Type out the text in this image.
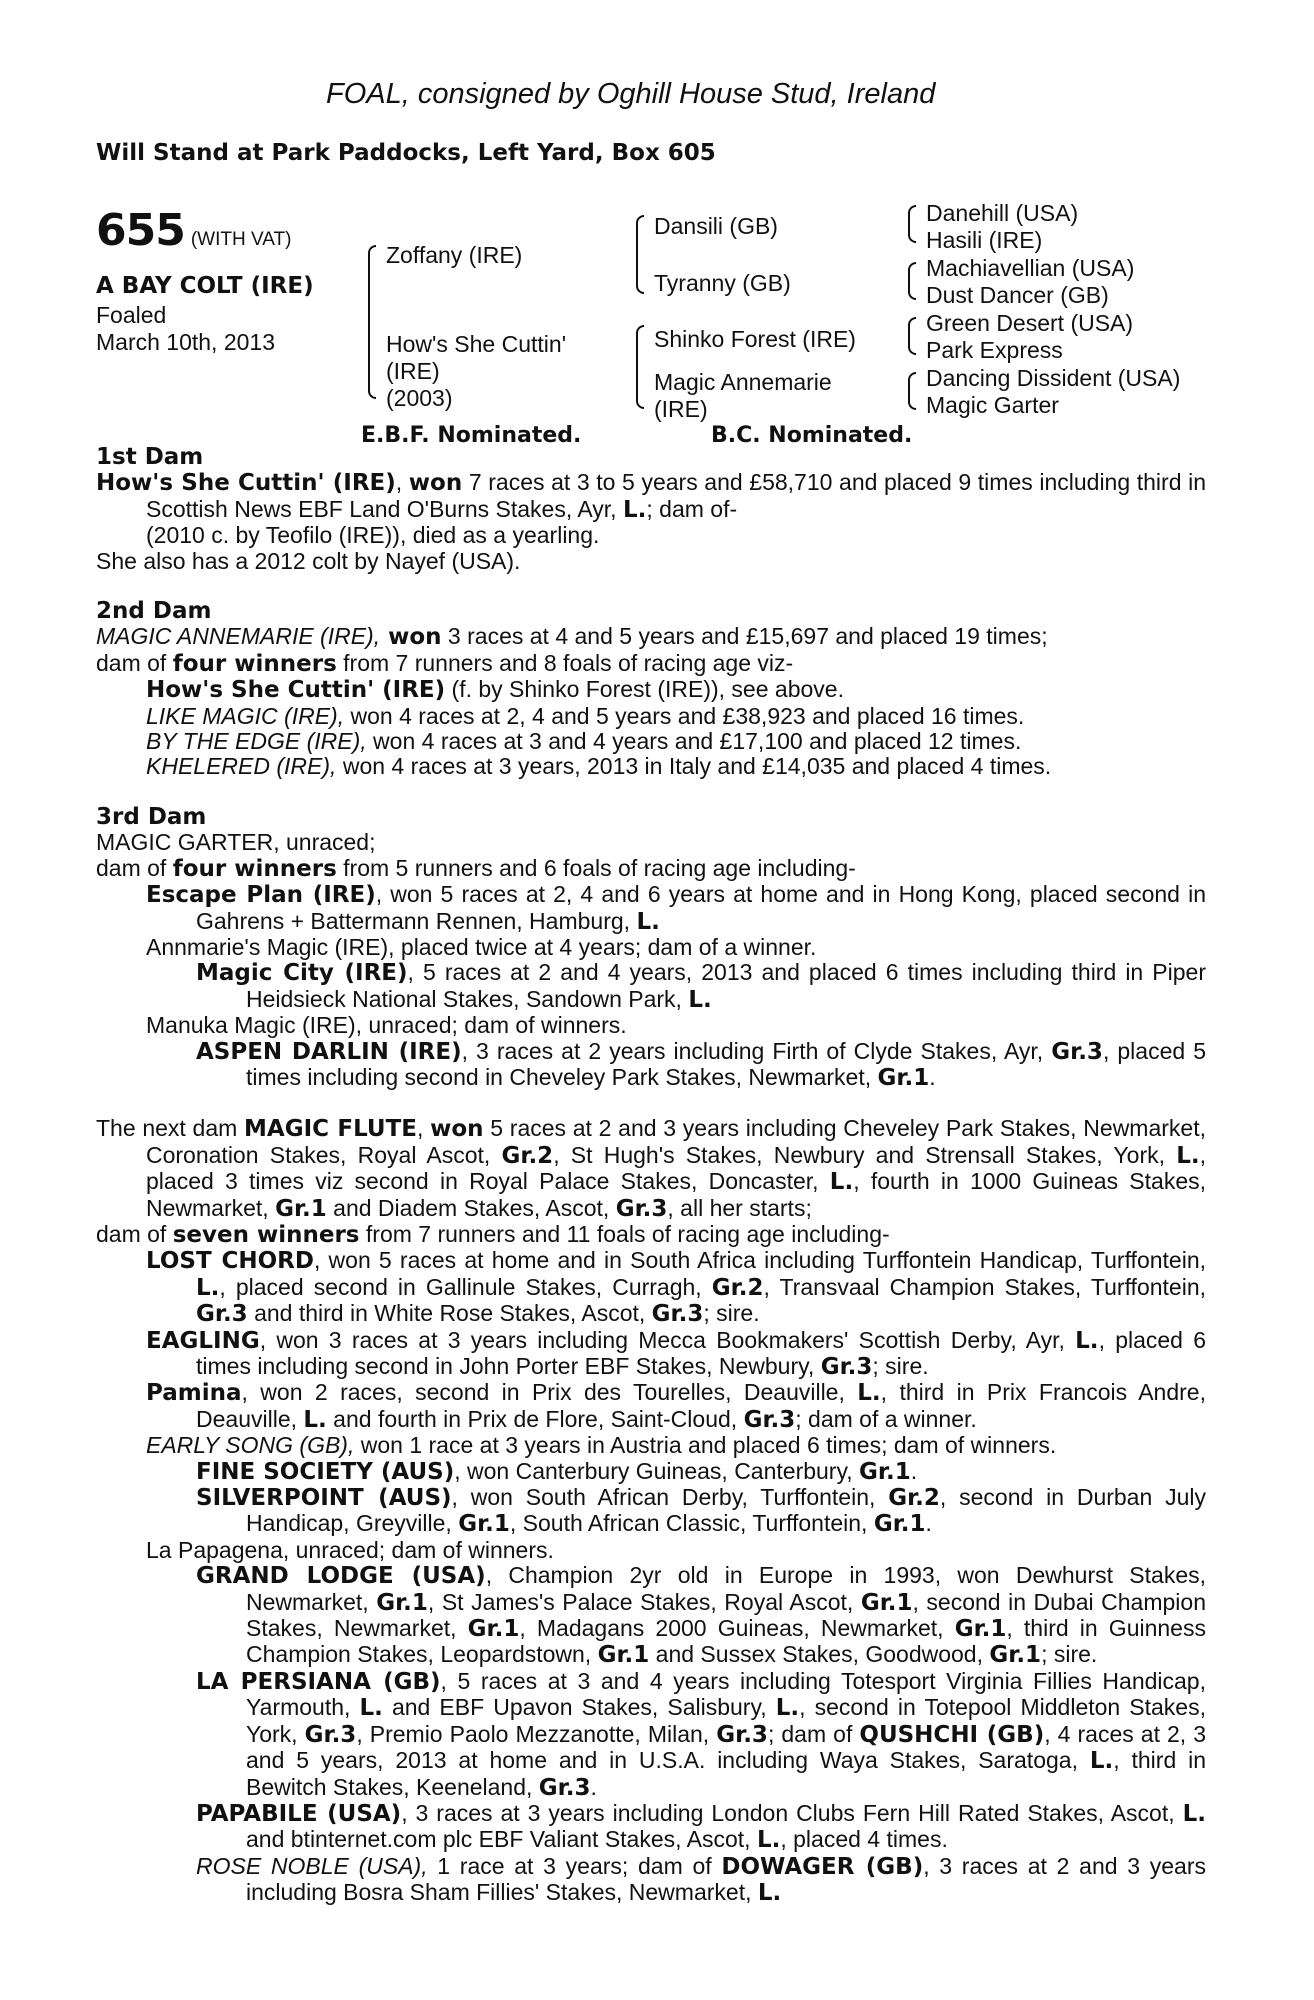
FOAL, consigned by Oghill House Stud, Ireland
Will Stand at Park Paddocks, Left Yard, Box 605
655 (WITH VAT)
A BAY COLT (IRE)
Foaled
March 10th, 2013
Zoffany (IRE)
How's She Cuttin'
(IRE)
(2003)
Dansili (GB)
Tyranny (GB)
Shinko Forest (IRE)
Magic Annemarie
(IRE)
Danehill (USA)
Hasili (IRE)
Machiavellian (USA)
Dust Dancer (GB)
Green Desert (USA)
Park Express
Dancing Dissident (USA)
Magic Garter
E.B.F. Nominated.	B.C. Nominated.

1st Dam

How's She Cuttin' (IRE), won 7 races at 3 to 5 years and £58,710 and placed 9 times including third in Scottish News EBF Land O'Burns Stakes, Ayr, L.; dam of-

(2010 c. by Teofilo (IRE)), died as a yearling.

She also has a 2012 colt by Nayef (USA).

2nd Dam

MAGIC ANNEMARIE (IRE), won 3 races at 4 and 5 years and £15,697 and placed 19 times;

dam of four winners from 7 runners and 8 foals of racing age viz-

How's She Cuttin' (IRE) (f. by Shinko Forest (IRE)), see above.

LIKE MAGIC (IRE), won 4 races at 2, 4 and 5 years and £38,923 and placed 16 times.

BY THE EDGE (IRE), won 4 races at 3 and 4 years and £17,100 and placed 12 times.

KHELERED (IRE), won 4 races at 3 years, 2013 in Italy and £14,035 and placed 4 times.

3rd Dam

MAGIC GARTER, unraced;

dam of four winners from 5 runners and 6 foals of racing age including-

Escape Plan (IRE), won 5 races at 2, 4 and 6 years at home and in Hong Kong, placed second in Gahrens + Battermann Rennen, Hamburg, L.

Annmarie's Magic (IRE), placed twice at 4 years; dam of a winner.

Magic City (IRE), 5 races at 2 and 4 years, 2013 and placed 6 times including third in Piper Heidsieck National Stakes, Sandown Park, L.

Manuka Magic (IRE), unraced; dam of winners.

ASPEN DARLIN (IRE), 3 races at 2 years including Firth of Clyde Stakes, Ayr, Gr.3, placed 5 times including second in Cheveley Park Stakes, Newmarket, Gr.1.

The next dam MAGIC FLUTE, won 5 races at 2 and 3 years including Cheveley Park Stakes, Newmarket, Coronation Stakes, Royal Ascot, Gr.2, St Hugh's Stakes, Newbury and Strensall Stakes, York, L., placed 3 times viz second in Royal Palace Stakes, Doncaster, L., fourth in 1000 Guineas Stakes, Newmarket, Gr.1 and Diadem Stakes, Ascot, Gr.3, all her starts;

dam of seven winners from 7 runners and 11 foals of racing age including-

LOST CHORD, won 5 races at home and in South Africa including Turffontein Handicap, Turffontein, L., placed second in Gallinule Stakes, Curragh, Gr.2, Transvaal Champion Stakes, Turffontein, Gr.3 and third in White Rose Stakes, Ascot, Gr.3; sire.

EAGLING, won 3 races at 3 years including Mecca Bookmakers' Scottish Derby, Ayr, L., placed 6 times including second in John Porter EBF Stakes, Newbury, Gr.3; sire.

Pamina, won 2 races, second in Prix des Tourelles, Deauville, L., third in Prix Francois Andre, Deauville, L. and fourth in Prix de Flore, Saint-Cloud, Gr.3; dam of a winner.

EARLY SONG (GB), won 1 race at 3 years in Austria and placed 6 times; dam of winners.

FINE SOCIETY (AUS), won Canterbury Guineas, Canterbury, Gr.1.

SILVERPOINT (AUS), won South African Derby, Turffontein, Gr.2, second in Durban July Handicap, Greyville, Gr.1, South African Classic, Turffontein, Gr.1.

La Papagena, unraced; dam of winners.

GRAND LODGE (USA), Champion 2yr old in Europe in 1993, won Dewhurst Stakes, Newmarket, Gr.1, St James's Palace Stakes, Royal Ascot, Gr.1, second in Dubai Champion Stakes, Newmarket, Gr.1, Madagans 2000 Guineas, Newmarket, Gr.1, third in Guinness Champion Stakes, Leopardstown, Gr.1 and Sussex Stakes, Goodwood, Gr.1; sire.

LA PERSIANA (GB), 5 races at 3 and 4 years including Totesport Virginia Fillies Handicap, Yarmouth, L. and EBF Upavon Stakes, Salisbury, L., second in Totepool Middleton Stakes, York, Gr.3, Premio Paolo Mezzanotte, Milan, Gr.3; dam of QUSHCHI (GB), 4 races at 2, 3 and 5 years, 2013 at home and in U.S.A. including Waya Stakes, Saratoga, L., third in Bewitch Stakes, Keeneland, Gr.3.

PAPABILE (USA), 3 races at 3 years including London Clubs Fern Hill Rated Stakes, Ascot, L. and btinternet.com plc EBF Valiant Stakes, Ascot, L., placed 4 times.

ROSE NOBLE (USA), 1 race at 3 years; dam of DOWAGER (GB), 3 races at 2 and 3 years including Bosra Sham Fillies' Stakes, Newmarket, L.
